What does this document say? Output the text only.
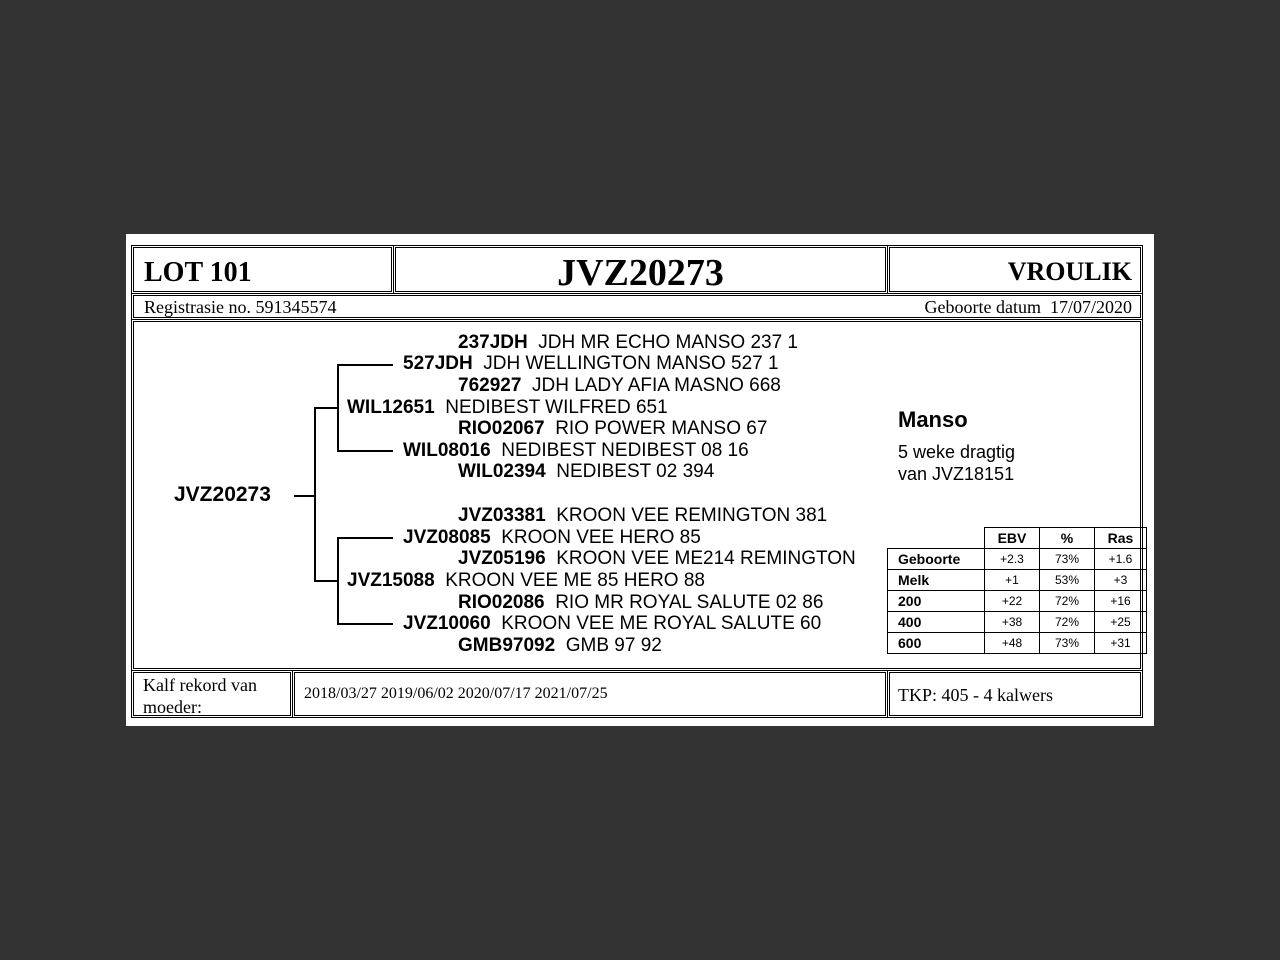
LOT 101	JVZ20273	VROULIK
Registrasie no. 591345574	Geboorte datum 17/07/2020
JVZ20273
WIL12651 NEDIBEST WILFRED 651
527JDH JDH WELLINGTON MANSO 527 1
237JDH JDH MR ECHO MANSO 237 1
762927 JDH LADY AFIA MASNO 668
WIL08016 NEDIBEST NEDIBEST 08 16
RIO02067 RIO POWER MANSO 67
WIL02394 NEDIBEST 02 394
JVZ15088 KROON VEE ME 85 HERO 88
JVZ08085 KROON VEE HERO 85
JVZ03381 KROON VEE REMINGTON 381
JVZ05196 KROON VEE ME214 REMINGTON
JVZ10060 KROON VEE ME ROYAL SALUTE 60
RIO02086 RIO MR ROYAL SALUTE 02 86
GMB97092 GMB 97 92
Manso
5 weke dragtig
van JVZ18151
	EBV	%	Ras
Geboorte	+2.3	73%	+1.6
Melk	+1	53%	+3
200	+22	72%	+16
400	+38	72%	+25
600	+48	73%	+31
Kalf rekord van
moeder:
2018/03/27 2019/06/02 2020/07/17 2021/07/25	TKP: 405 - 4 kalwers
